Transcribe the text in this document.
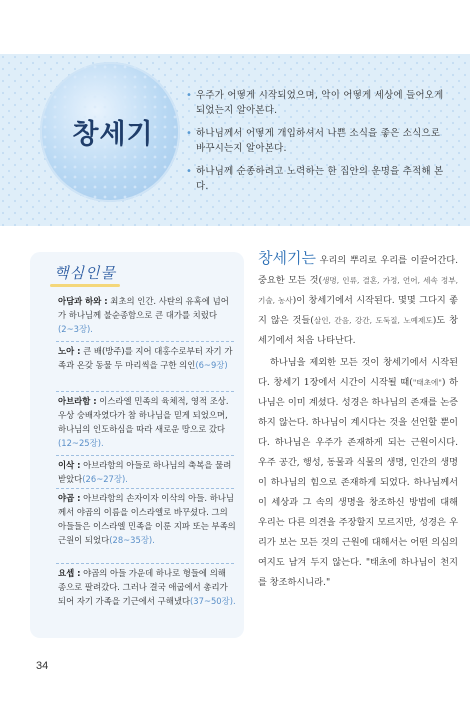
창세기
• 우주가 어떻게 시작되었으며, 악이 어떻게 세상에 들어오게 되었는지 알아본다.
• 하나님께서 어떻게 개입하셔서 나쁜 소식을 좋은 소식으로 바꾸시는지 알아본다.
• 하나님께 순종하려고 노력하는 한 집안의 운명을 추적해 본다.
핵심인물
아담과 하와 : 최초의 인간. 사탄의 유혹에 넘어가 하나님께 불순종함으로 큰 대가를 치렀다(2~3장).
노아 : 큰 배(방주)를 지어 대홍수로부터 자기 가족과 온갖 동물 두 마리씩을 구한 의인(6~9장)
아브라함 : 이스라엘 민족의 육체적, 영적 조상. 우상 숭배자였다가 참 하나님을 믿게 되었으며, 하나님의 인도하심을 따라 새로운 땅으로 갔다(12~25장).
이삭 : 아브라함의 아들로 하나님의 축복을 물려받았다(26~27장).
야곱 : 아브라함의 손자이자 이삭의 아들. 하나님께서 야곱의 이름을 이스라엘로 바꾸셨다. 그의 아들들은 이스라엘 민족을 이룬 지파 또는 부족의 근원이 되었다(28~35장).
요셉 : 야곱의 아들 가운데 하나로 형들에 의해 종으로 팔려갔다. 그러나 결국 애굽에서 총리가 되어 자기 가족을 기근에서 구해냈다(37~50장).
창세기는 우리의 뿌리로 우리를 이끌어간다. 중요한 모든 것(생명, 인류, 결혼, 가정, 언어, 세속 정부, 기술, 농사)이 창세기에서 시작된다. 몇몇 그다지 좋지 않은 것들(살인, 간음, 강간, 도둑질, 노예제도)도 창세기에서 처음 나타난다.
하나님을 제외한 모든 것이 창세기에서 시작된다. 창세기 1장에서 시간이 시작될 때("태초에") 하나님은 이미 계셨다. 성경은 하나님의 존재를 논증하지 않는다. 하나님이 계시다는 것을 선언할 뿐이다. 하나님은 우주가 존재하게 되는 근원이시다. 우주 공간, 행성, 동물과 식물의 생명, 인간의 생명이 하나님의 힘으로 존재하게 되었다. 하나님께서 이 세상과 그 속의 생명을 창조하신 방법에 대해 우리는 다른 의견을 주장할지 모르지만, 성경은 우리가 보는 모든 것의 근원에 대해서는 어떤 의심의 여지도 남겨 두지 않는다. "태초에 하나님이 천지를 창조하시니라."
34
